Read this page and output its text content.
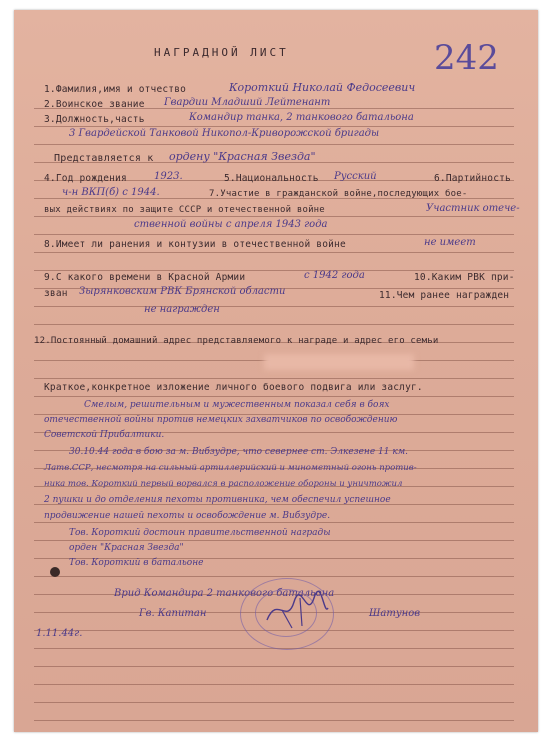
242
НАГРАДНОЙ ЛИСТ
1.Фамилия,имя и отчество	Короткий Николай Федосеевич
2.Воинское звание Гвардии Младший Лейтенант
3.Должность,часть	Командир танка, 2 танкового батальона
3 Гвардейской Танковой Никопол-Криворожской бригады
Представляется к ордену "Красная Звезда"
4.Год рождения	1923.	5.Национальность Русский	6.Партийность
ч-н ВКП(б) с 1944.	7.Участие в гражданской войне,последующих бое-
вых действиях по защите СССР и отечественной войне	Участник отече-
ственной войны с апреля 1943 года
8.Имеет ли ранения и контузии в отечественной войне	не имеет
9.С какого времени в Красной Армии	с 1942 года	10.Каким РВК при-
зван Зырянковским РВК Брянской области	11.Чем ранее награжден
не награжден
12.Постоянный домашний адрес представляемого к награде и адрес его семьи
Краткое,конкретное изложение личного боевого подвига или заслуг.
Смелым, решительным и мужественным показал себя в боях
отечественной войны против немецких захватчиков по освобождению
Советской Прибалтики.
30.10.44 года в бою за м. Вибзудре, что севернее ст. Элкезене 11 км.
Латв.ССР, несмотря на сильный артиллерийский и минометный огонь против-
ника тов. Короткий первый ворвался в расположение обороны и уничтожил
2 пушки и до отделения пехоты противника, чем обеспечил успешное
продвижение нашей пехоты и освобождение м. Вибзудре.
Тов. Короткий достоин правительственной награды
орден "Красная Звезда"
Тов. Короткий в батальоне
Врид Командира 2 танкового батальона
Гв. Капитан	Шатунов
1.11.44г.
